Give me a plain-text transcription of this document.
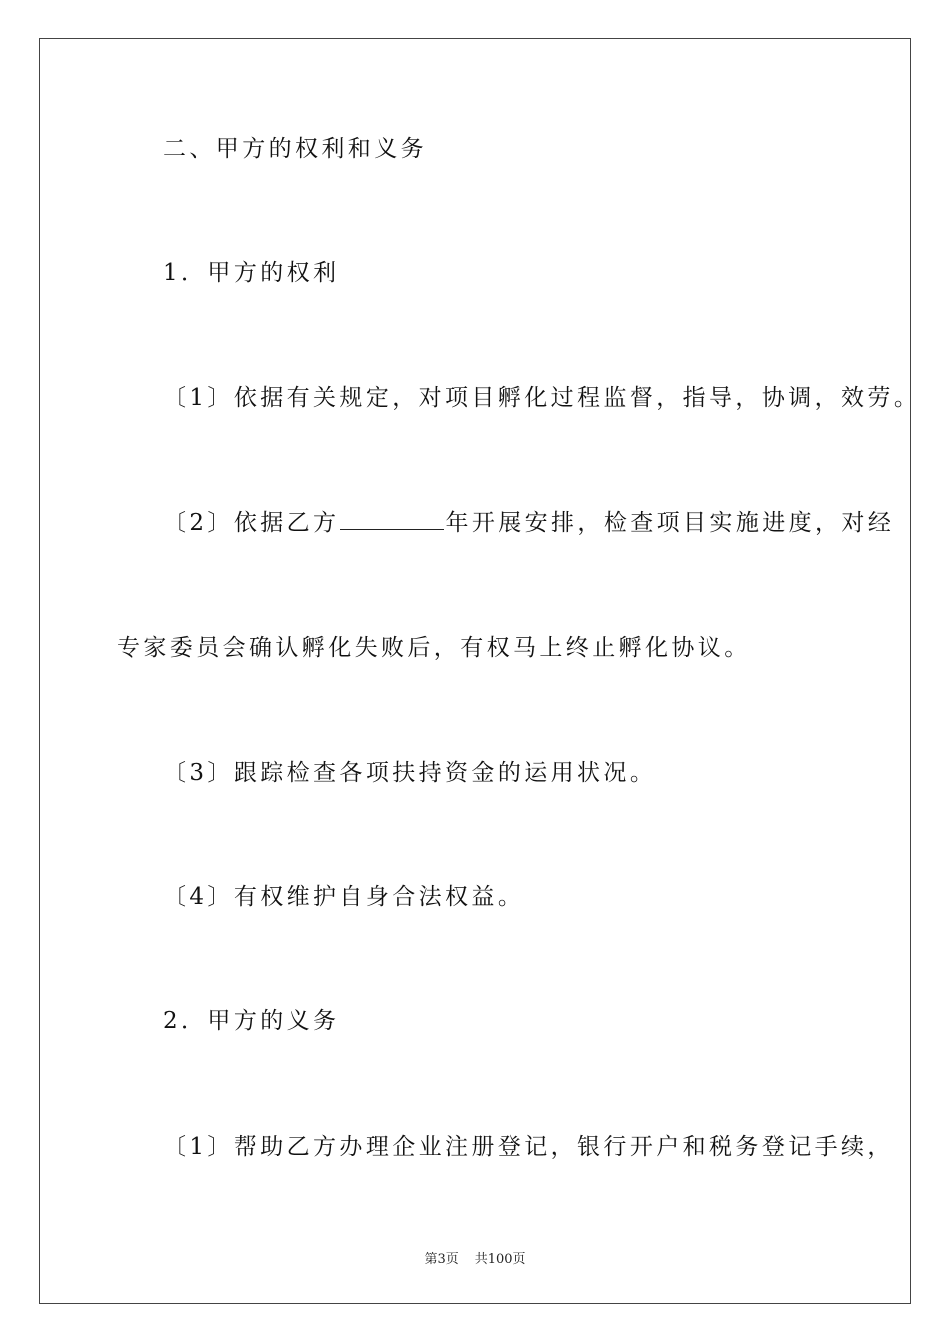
二、甲方的权利和义务
1．甲方的权利
〔1〕依据有关规定，对项目孵化过程监督，指导，协调，效劳。
〔2〕依据乙方	年开展安排，检查项目实施进度，对经
专家委员会确认孵化失败后，有权马上终止孵化协议。
〔3〕跟踪检查各项扶持资金的运用状况。
〔4〕有权维护自身合法权益。
2．甲方的义务
〔1〕帮助乙方办理企业注册登记，银行开户和税务登记手续，
第3页 共100页
